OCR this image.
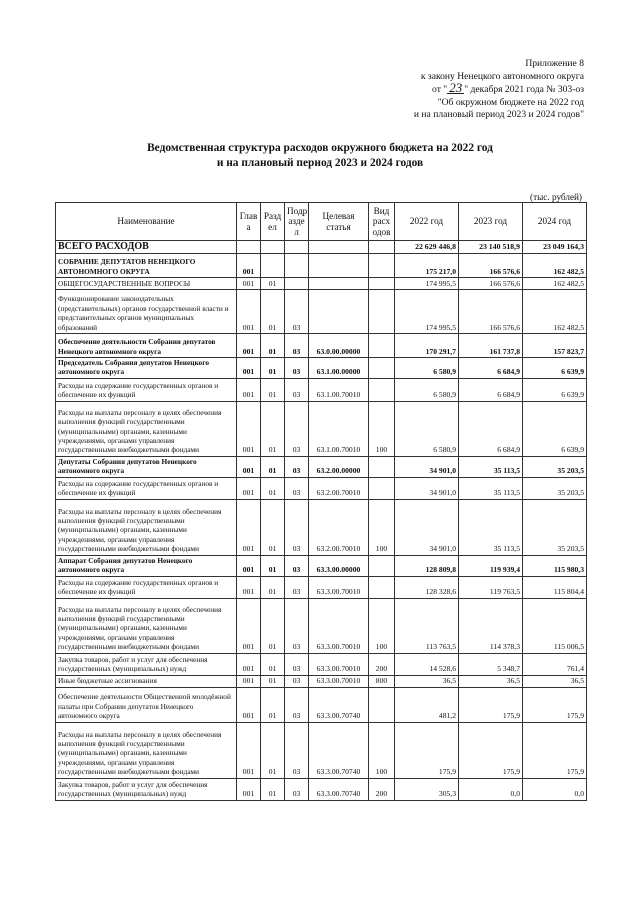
Приложение 8
к закону Ненецкого автономного округа
от " 23 " декабря 2021 года № 303-оз
"Об окружном бюджете на 2022 год
и на плановый период 2023 и 2024 годов"
Ведомственная структура расходов окружного бюджета на 2022 год
и на плановый период 2023 и 2024 годов
(тыс. рублей)
Наименование	Глав а	Разд ел	Подр азде л	Целевая статья	Вид расх одов	2022 год	2023 год	2024 год
ВСЕГО РАСХОДОВ						22 629 446,8	23 140 518,9	23 049 164,3
СОБРАНИЕ ДЕПУТАТОВ НЕНЕЦКОГО АВТОНОМНОГО ОКРУГА	001					175 217,0	166 576,6	162 482,5
ОБЩЕГОСУДАРСТВЕННЫЕ ВОПРОСЫ	001	01				174 995,5	166 576,6	162 482,5
Функционирование законодательных (представительных) органов государственной власти и представительных органов муниципальных образований	001	01	03			174 995,5	166 576,6	162 482,5
Обеспечение деятельности Собрания депутатов Ненецкого автономного округа	001	01	03	63.0.00.00000		170 291,7	161 737,8	157 823,7
Председатель Собрания депутатов Ненецкого автономного округа	001	01	03	63.1.00.00000		6 580,9	6 684,9	6 639,9
Расходы на содержание государственных органов и обеспечение их функций	001	01	03	63.1.00.70010		6 580,9	6 684,9	6 639,9
Расходы на выплаты персоналу в целях обеспечения выполнения функций государственными (муниципальными) органами, казенными учреждениями, органами управления государственными внебюджетными фондами	001	01	03	63.1.00.70010	100	6 580,9	6 684,9	6 639,9
Депутаты Собрания депутатов Ненецкого автономного округа	001	01	03	63.2.00.00000		34 901,0	35 113,5	35 203,5
Расходы на содержание государственных органов и обеспечение их функций	001	01	03	63.2.00.70010		34 901,0	35 113,5	35 203,5
Расходы на выплаты персоналу в целях обеспечения выполнения функций государственными (муниципальными) органами, казенными учреждениями, органами управления государственными внебюджетными фондами	001	01	03	63.2.00.70010	100	34 901,0	35 113,5	35 203,5
Аппарат Собрания депутатов Ненецкого автономного округа	001	01	03	63.3.00.00000		128 809,8	119 939,4	115 980,3
Расходы на содержание государственных органов и обеспечение их функций	001	01	03	63.3.00.70010		128 328,6	119 763,5	115 804,4
Расходы на выплаты персоналу в целях обеспечения выполнения функций государственными (муниципальными) органами, казенными учреждениями, органами управления государственными внебюджетными фондами	001	01	03	63.3.00.70010	100	113 763,5	114 378,3	115 006,5
Закупка товаров, работ и услуг для обеспечения государственных (муниципальных) нужд	001	01	03	63.3.00.70010	200	14 528,6	5 348,7	761,4
Иные бюджетные ассигнования	001	01	03	63.3.00.70010	800	36,5	36,5	36,5
Обеспечение деятельности Общественной молодёжной палаты при Собрании депутатов Ненецкого автономного округа	001	01	03	63.3.00.70740		481,2	175,9	175,9
Расходы на выплаты персоналу в целях обеспечения выполнения функций государственными (муниципальными) органами, казенными учреждениями, органами управления государственными внебюджетными фондами	001	01	03	63.3.00.70740	100	175,9	175,9	175,9
Закупка товаров, работ и услуг для обеспечения государственных (муниципальных) нужд	001	01	03	63.3.00.70740	200	305,3	0,0	0,0
